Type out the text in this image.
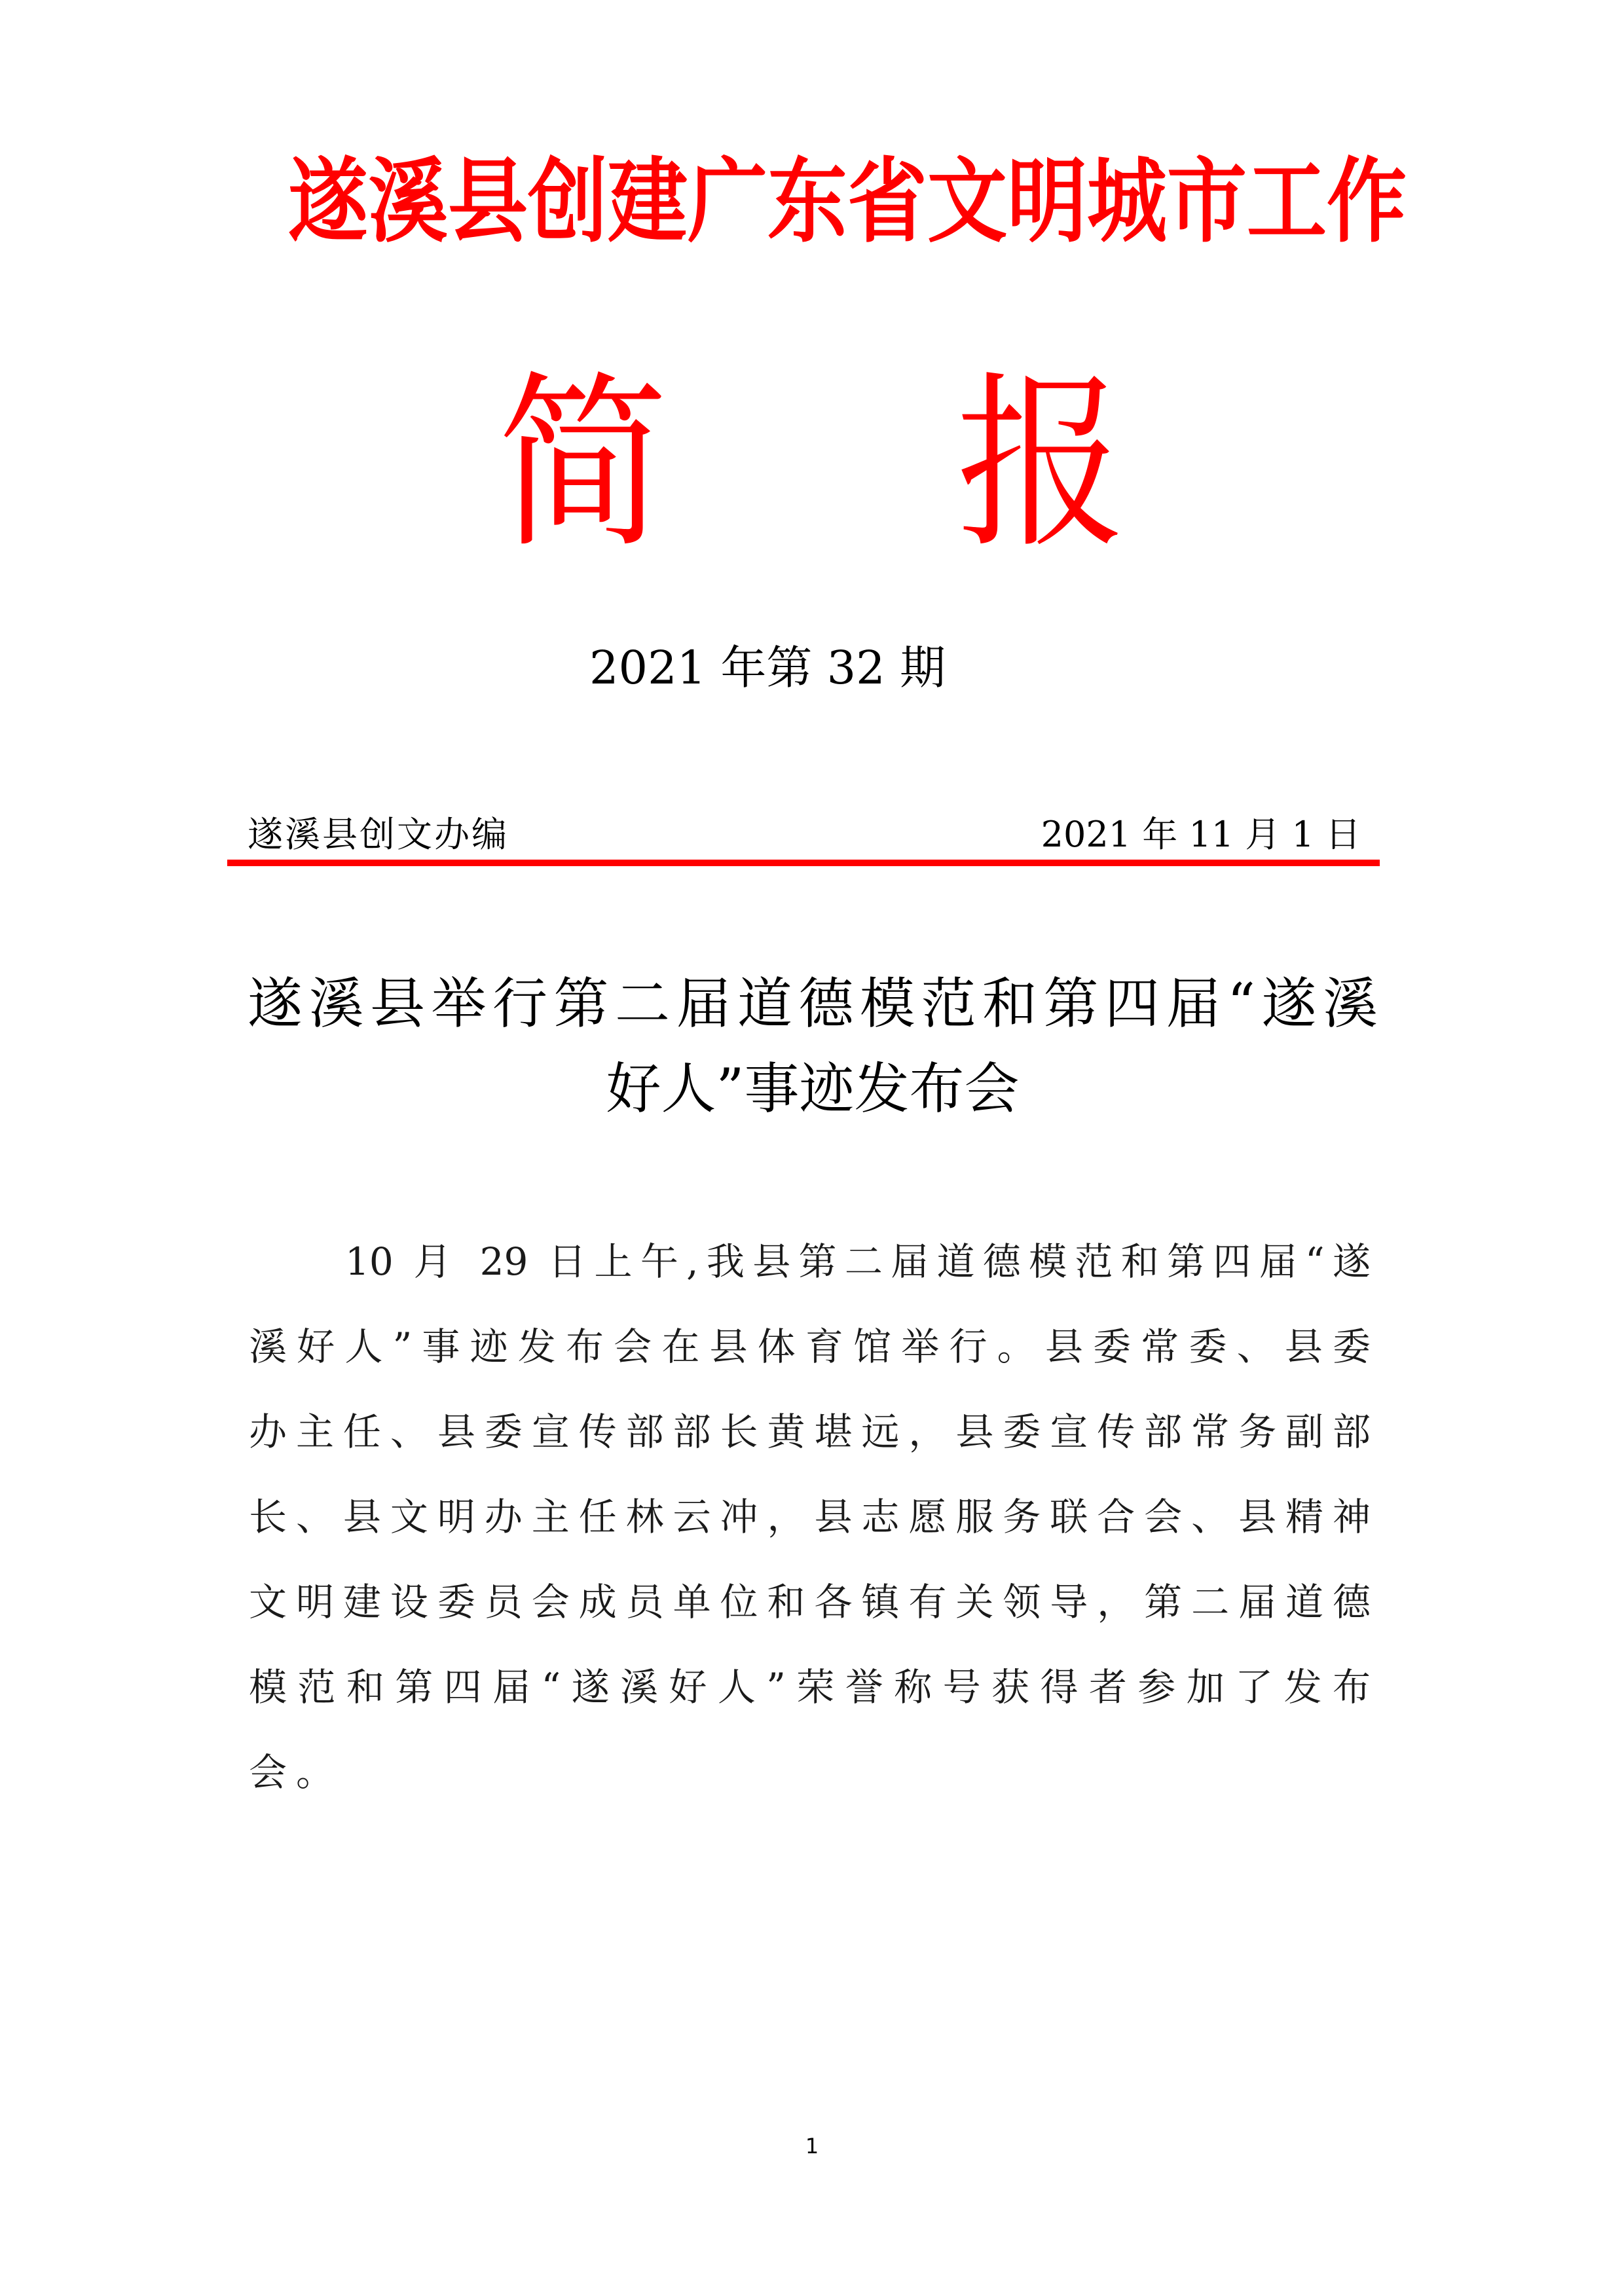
遂溪县创建广东省文明城市工作
简　报
2021 年第 32 期
遂溪县创文办编	2021 年 11 月 1 日
遂溪县举行第二届道德模范和第四届“遂溪
好人”事迹发布会
10 月 29 日上午,我县第二届道德模范和第四届“遂
溪好人”事迹发布会在县体育馆举行。县委常委、县委
办主任、县委宣传部部长黄堪远，县委宣传部常务副部
长、县文明办主任林云冲，县志愿服务联合会、县精神
文明建设委员会成员单位和各镇有关领导，第二届道德
模范和第四届“遂溪好人”荣誉称号获得者参加了发布
会。
1
